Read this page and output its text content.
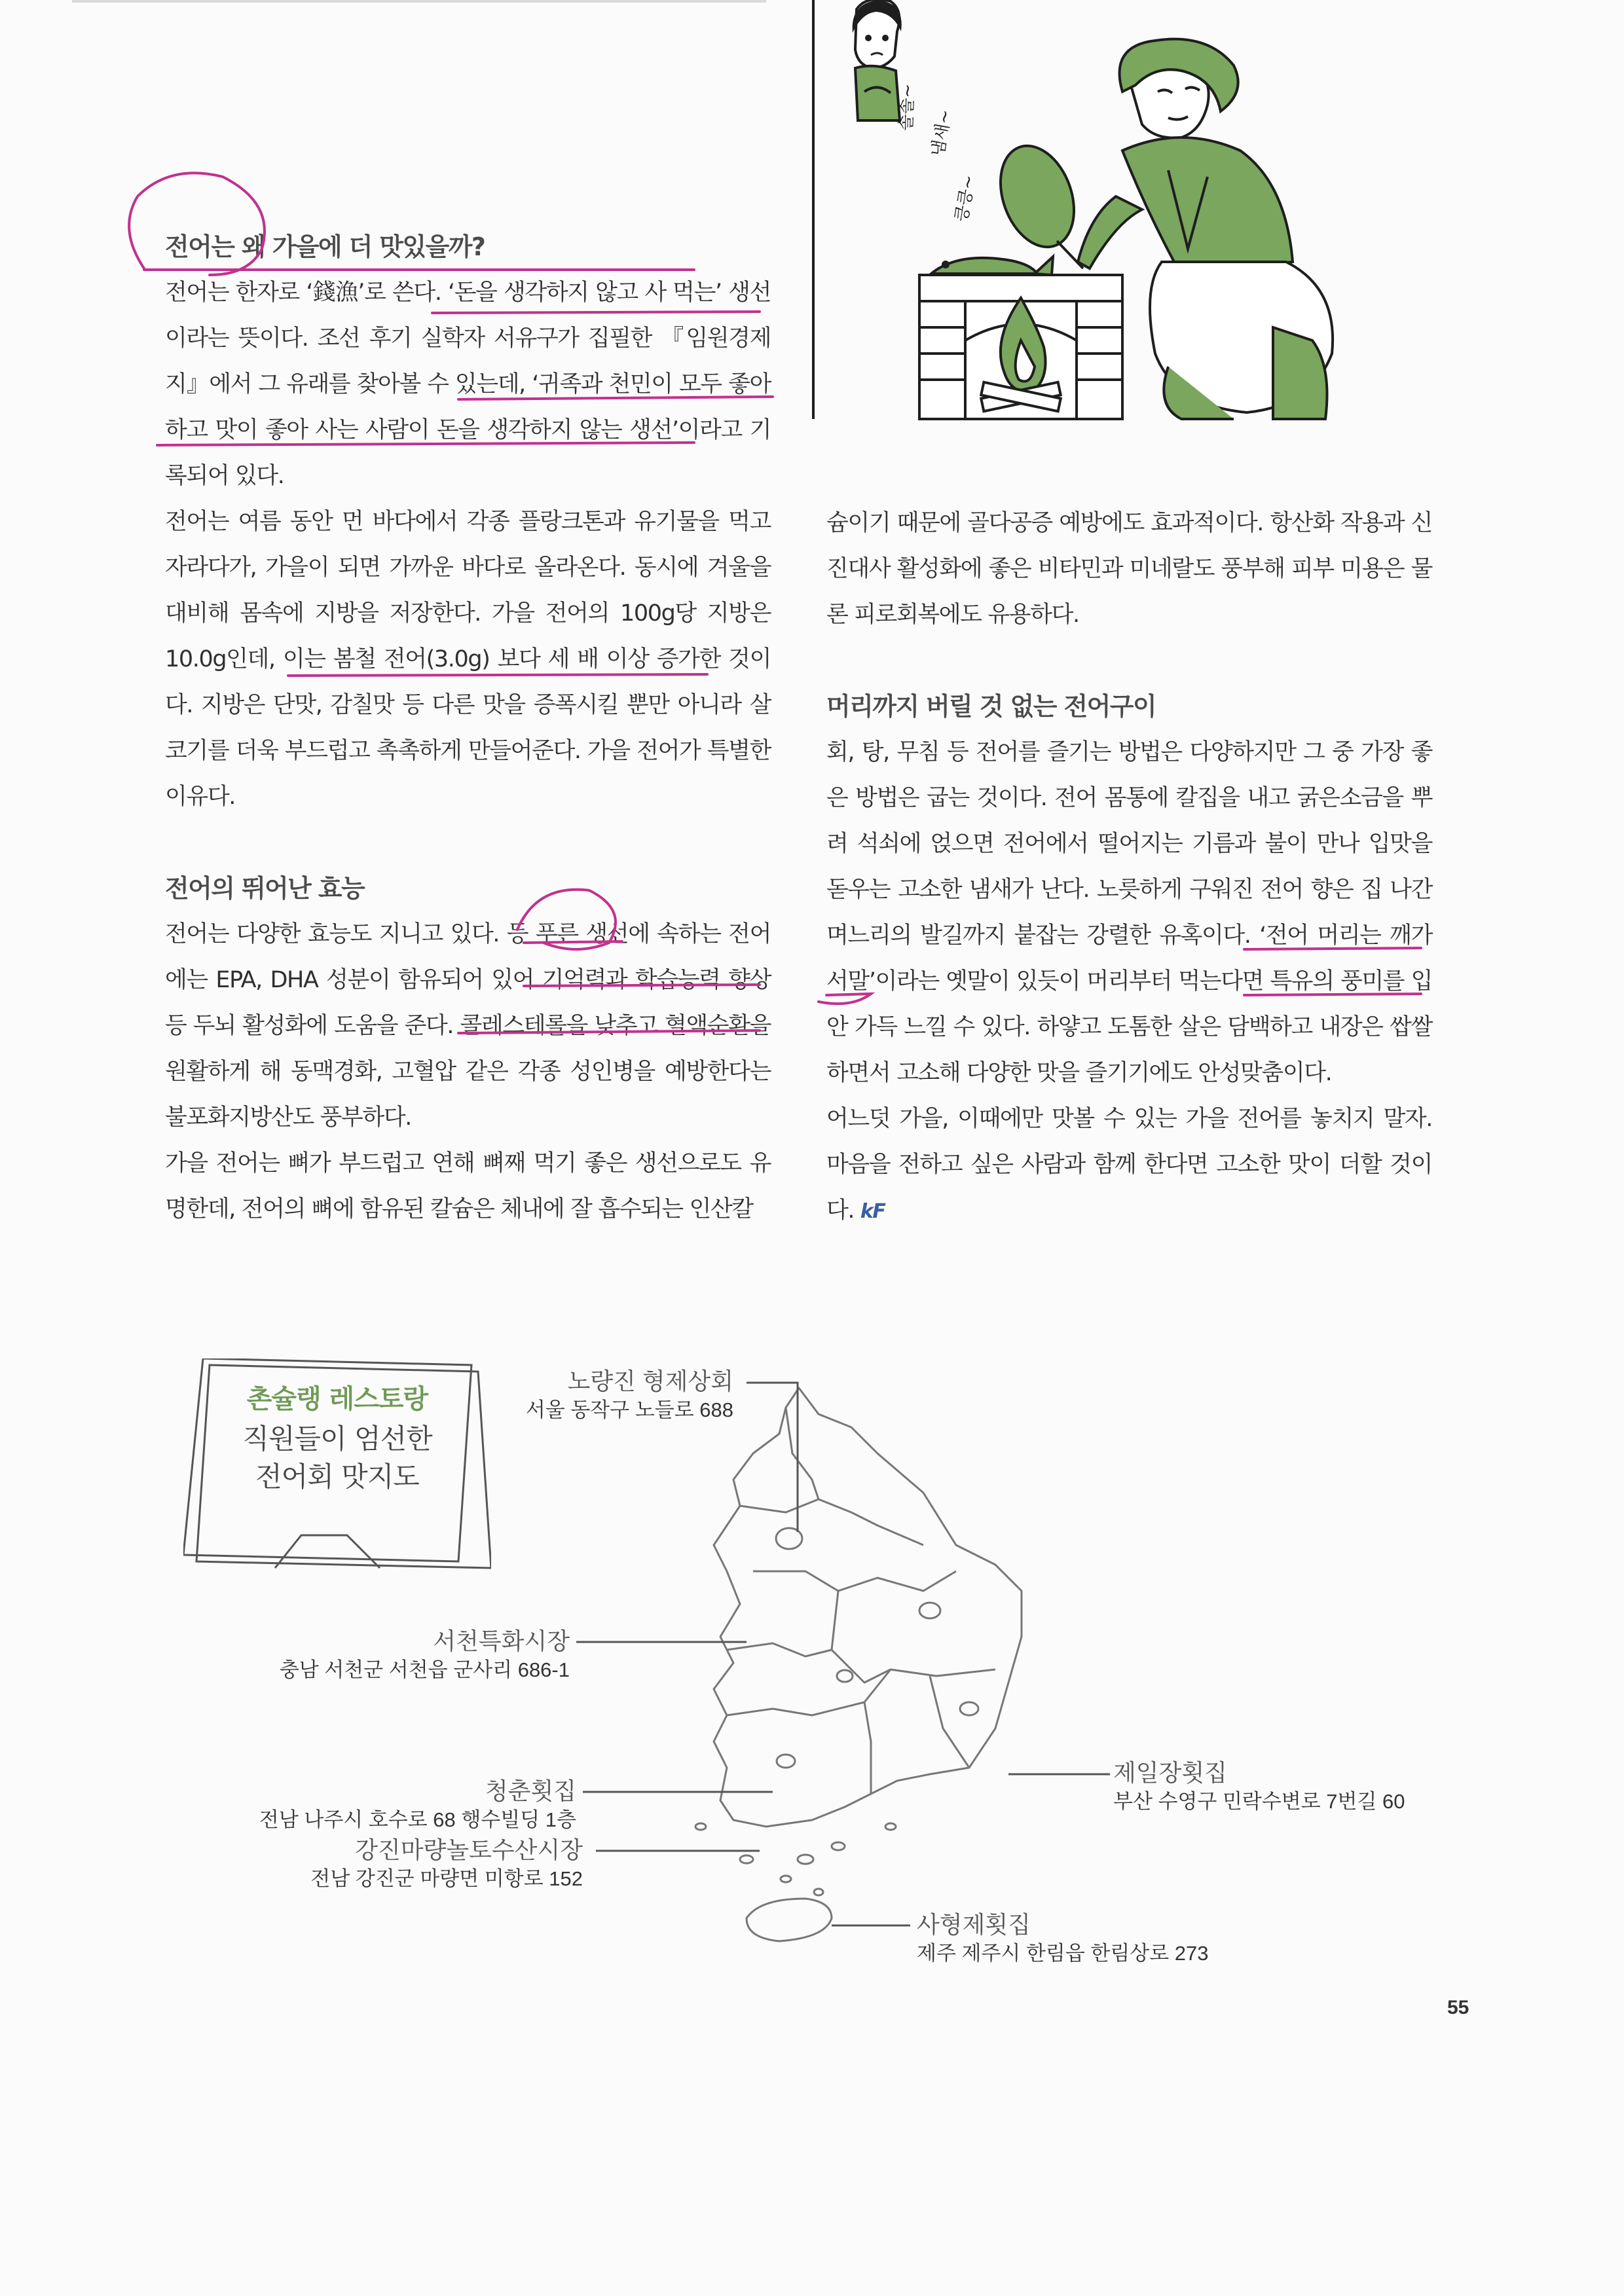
솔솔~
냄새~
킁킁~
전어는 왜 가을에 더 맛있을까?

전어는 한자로 ‘錢漁’로 쓴다. ‘돈을 생각하지 않고 사 먹는’ 생선이라는 뜻이다. 조선 후기 실학자 서유구가 집필한 『임원경제지』에서 그 유래를 찾아볼 수 있는데, ‘귀족과 천민이 모두 좋아하고 맛이 좋아 사는 사람이 돈을 생각하지 않는 생선’이라고 기록되어 있다.

전어는 여름 동안 먼 바다에서 각종 플랑크톤과 유기물을 먹고 자라다가, 가을이 되면 가까운 바다로 올라온다. 동시에 겨울을 대비해 몸속에 지방을 저장한다. 가을 전어의 100g당 지방은 10.0g인데, 이는 봄철 전어(3.0g) 보다 세 배 이상 증가한 것이다. 지방은 단맛, 감칠맛 등 다른 맛을 증폭시킬 뿐만 아니라 살코기를 더욱 부드럽고 촉촉하게 만들어준다. 가을 전어가 특별한 이유다.

전어의 뛰어난 효능

전어는 다양한 효능도 지니고 있다. 등 푸른 생선에 속하는 전어에는 EPA, DHA 성분이 함유되어 있어 기억력과 학습능력 향상 등 두뇌 활성화에 도움을 준다. 콜레스테롤을 낮추고 혈액순환을 원활하게 해 동맥경화, 고혈압 같은 각종 성인병을 예방한다는 불포화지방산도 풍부하다.

가을 전어는 뼈가 부드럽고 연해 뼈째 먹기 좋은 생선으로도 유명한데, 전어의 뼈에 함유된 칼슘은 체내에 잘 흡수되는 인산칼

슘이기 때문에 골다공증 예방에도 효과적이다. 항산화 작용과 신진대사 활성화에 좋은 비타민과 미네랄도 풍부해 피부 미용은 물론 피로회복에도 유용하다.

머리까지 버릴 것 없는 전어구이

회, 탕, 무침 등 전어를 즐기는 방법은 다양하지만 그 중 가장 좋은 방법은 굽는 것이다. 전어 몸통에 칼집을 내고 굵은소금을 뿌려 석쇠에 얹으면 전어에서 떨어지는 기름과 불이 만나 입맛을 돋우는 고소한 냄새가 난다. 노릇하게 구워진 전어 향은 집 나간 며느리의 발길까지 붙잡는 강렬한 유혹이다. ‘전어 머리는 깨가 서말’이라는 옛말이 있듯이 머리부터 먹는다면 특유의 풍미를 입 안 가득 느낄 수 있다. 하얗고 도톰한 살은 담백하고 내장은 쌉쌀하면서 고소해 다양한 맛을 즐기기에도 안성맞춤이다.

어느덧 가을, 이때에만 맛볼 수 있는 가을 전어를 놓치지 말자. 마음을 전하고 싶은 사람과 함께 한다면 고소한 맛이 더할 것이다. kF

촌슐랭 레스토랑
직원들이 엄선한
전어회 맛지도
노량진 형제상회
서울 동작구 노들로 688
서천특화시장
충남 서천군 서천읍 군사리 686-1
청춘횟집
전남 나주시 호수로 68 행수빌딩 1층
강진마량놀토수산시장
전남 강진군 마량면 미항로 152
제일장횟집
부산 수영구 민락수변로 7번길 60
사형제횟집
제주 제주시 한림읍 한림상로 273
55
